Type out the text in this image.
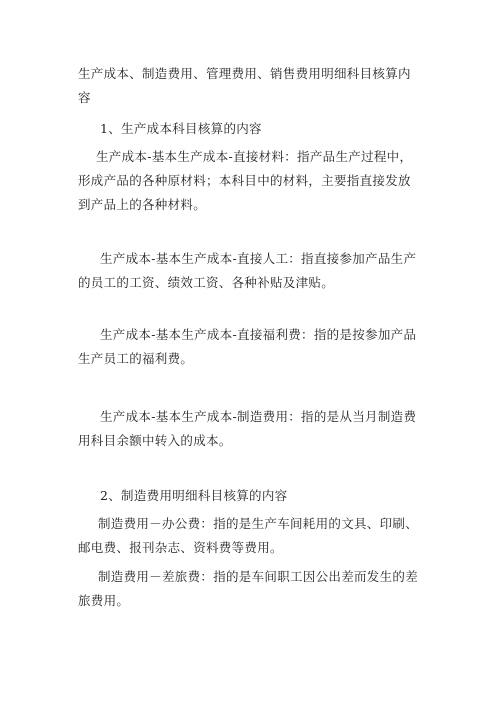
生产成本、制造费用、管理费用、销售费用明细科目核算内容

1、生产成本科目核算的内容

生产成本-基本生产成本-直接材料：指产品生产过程中，形成产品的各种原材料；本科目中的材料，主要指直接发放到产品上的各种材料。

生产成本-基本生产成本-直接人工：指直接参加产品生产的员工的工资、绩效工资、各种补贴及津贴。

生产成本-基本生产成本-直接福利费：指的是按参加产品生产员工的福利费。

生产成本-基本生产成本-制造费用：指的是从当月制造费用科目余额中转入的成本。

2、制造费用明细科目核算的内容

制造费用－办公费：指的是生产车间耗用的文具、印刷、邮电费、报刊杂志、资料费等费用。

制造费用－差旅费：指的是车间职工因公出差而发生的差旅费用。
